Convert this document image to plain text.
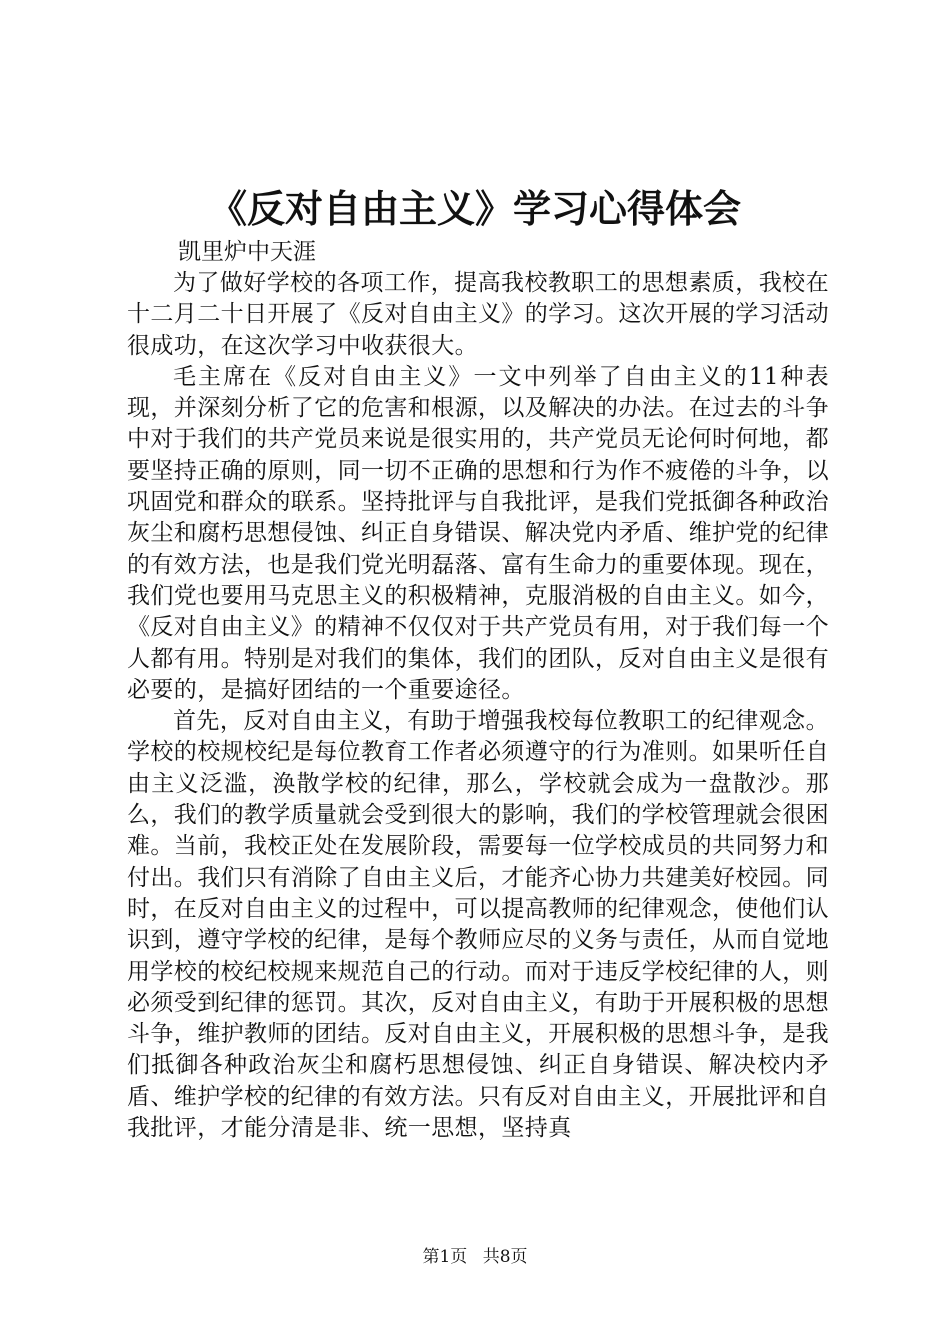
《反对自由主义》学习心得体会
凯里炉中天涯

为了做好学校的各项工作，提高我校教职工的思想素质，我校在十二月二十日开展了《反对自由主义》的学习。这次开展的学习活动很成功，在这次学习中收获很大。

毛主席在《反对自由主义》一文中列举了自由主义的11种表现，并深刻分析了它的危害和根源，以及解决的办法。在过去的斗争中对于我们的共产党员来说是很实用的，共产党员无论何时何地，都要坚持正确的原则，同一切不正确的思想和行为作不疲倦的斗争，以巩固党和群众的联系。坚持批评与自我批评，是我们党抵御各种政治灰尘和腐朽思想侵蚀、纠正自身错误、解决党内矛盾、维护党的纪律的有效方法，也是我们党光明磊落、富有生命力的重要体现。现在，我们党也要用马克思主义的积极精神，克服消极的自由主义。如今，《反对自由主义》的精神不仅仅对于共产党员有用，对于我们每一个人都有用。特别是对我们的集体，我们的团队，反对自由主义是很有必要的，是搞好团结的一个重要途径。

首先，反对自由主义，有助于增强我校每位教职工的纪律观念。学校的校规校纪是每位教育工作者必须遵守的行为准则。如果听任自由主义泛滥，涣散学校的纪律，那么，学校就会成为一盘散沙。那么，我们的教学质量就会受到很大的影响，我们的学校管理就会很困难。当前，我校正处在发展阶段，需要每一位学校成员的共同努力和付出。我们只有消除了自由主义后，才能齐心协力共建美好校园。同时，在反对自由主义的过程中，可以提高教师的纪律观念，使他们认识到，遵守学校的纪律，是每个教师应尽的义务与责任，从而自觉地用学校的校纪校规来规范自己的行动。而对于违反学校纪律的人，则必须受到纪律的惩罚。其次，反对自由主义，有助于开展积极的思想斗争，维护教师的团结。反对自由主义，开展积极的思想斗争，是我们抵御各种政治灰尘和腐朽思想侵蚀、纠正自身错误、解决校内矛盾、维护学校的纪律的有效方法。只有反对自由主义，开展批评和自我批评，才能分清是非、统一思想，坚持真

第1页 共8页
